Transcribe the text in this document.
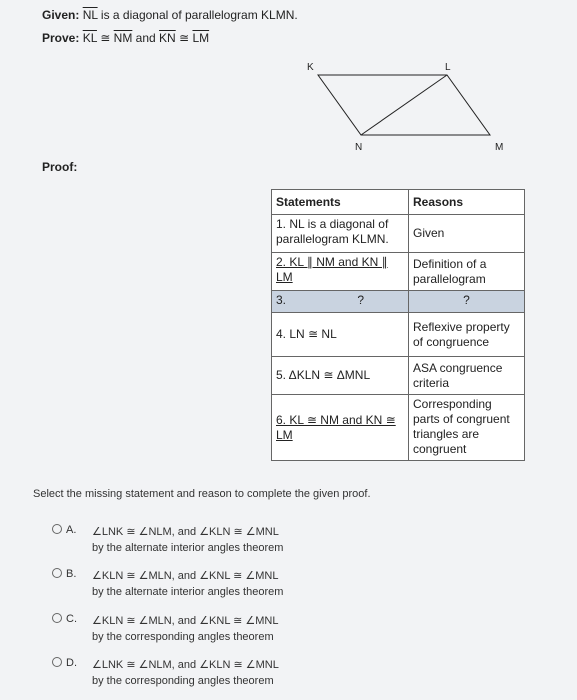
Given: $\overline{NL}$ is a diagonal of parallelogram KLMN.
Prove: $\overline{KL}$ ≅ $\overline{NM}$ and $\overline{KN}$ ≅ $\overline{LM}$
K	L
M
N
Proof:
Statements	Reasons
1. NL is a diagonal of parallelogram KLMN.	Given
2. KL ∥ NM and KN ∥ LM	Definition of a parallelogram
3. ?	?
4. LN ≅ NL	Reflexive property of congruence
5. ΔKLN ≅ ΔMNL	ASA congruence criteria
6. KL ≅ NM and KN ≅ LM	Corresponding parts of congruent triangles are congruent
Select the missing statement and reason to complete the given proof.
A.	∠LNK ≅ ∠NLM, and ∠KLN ≅ ∠MNL
by the alternate interior angles theorem
B.	∠KLN ≅ ∠MLN, and ∠KNL ≅ ∠MNL
by the alternate interior angles theorem
C.	∠KLN ≅ ∠MLN, and ∠KNL ≅ ∠MNL
by the corresponding angles theorem
D.	∠LNK ≅ ∠NLM, and ∠KLN ≅ ∠MNL
by the corresponding angles theorem
